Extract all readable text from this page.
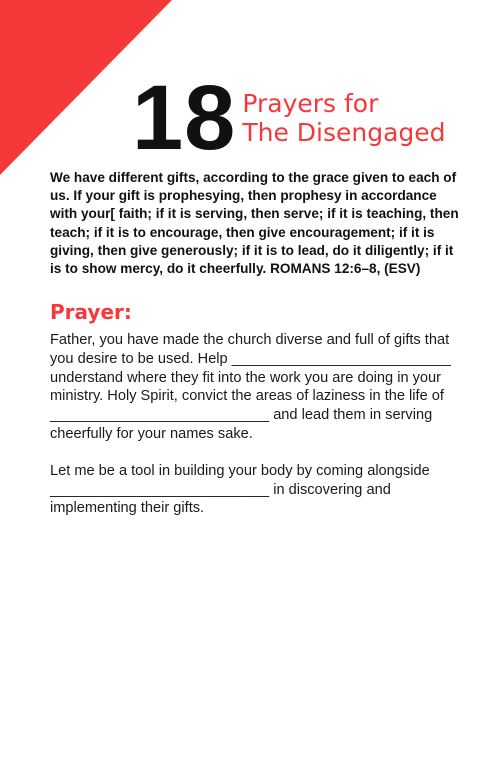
18 Prayers for
The Disengaged
We have different gifts, according to the grace given to each of us. If your gift is prophesying, then prophesy in accordance with your[ faith; if it is serving, then serve; if it is teaching, then teach; if it is to encourage, then give encouragement; if it is giving, then give generously; if it is to lead, do it diligently; if it is to show mercy, do it cheerfully. ROMANS 12:6–8, (ESV)
Prayer:

Father, you have made the church diverse and full of gifts that you desire to be used. Help ___________________________ understand where they fit into the work you are doing in your ministry. Holy Spirit, convict the areas of laziness in the life of ___________________________ and lead them in serving cheerfully for your names sake.

Let me be a tool in building your body by coming alongside ___________________________ in discovering and implementing their gifts.
